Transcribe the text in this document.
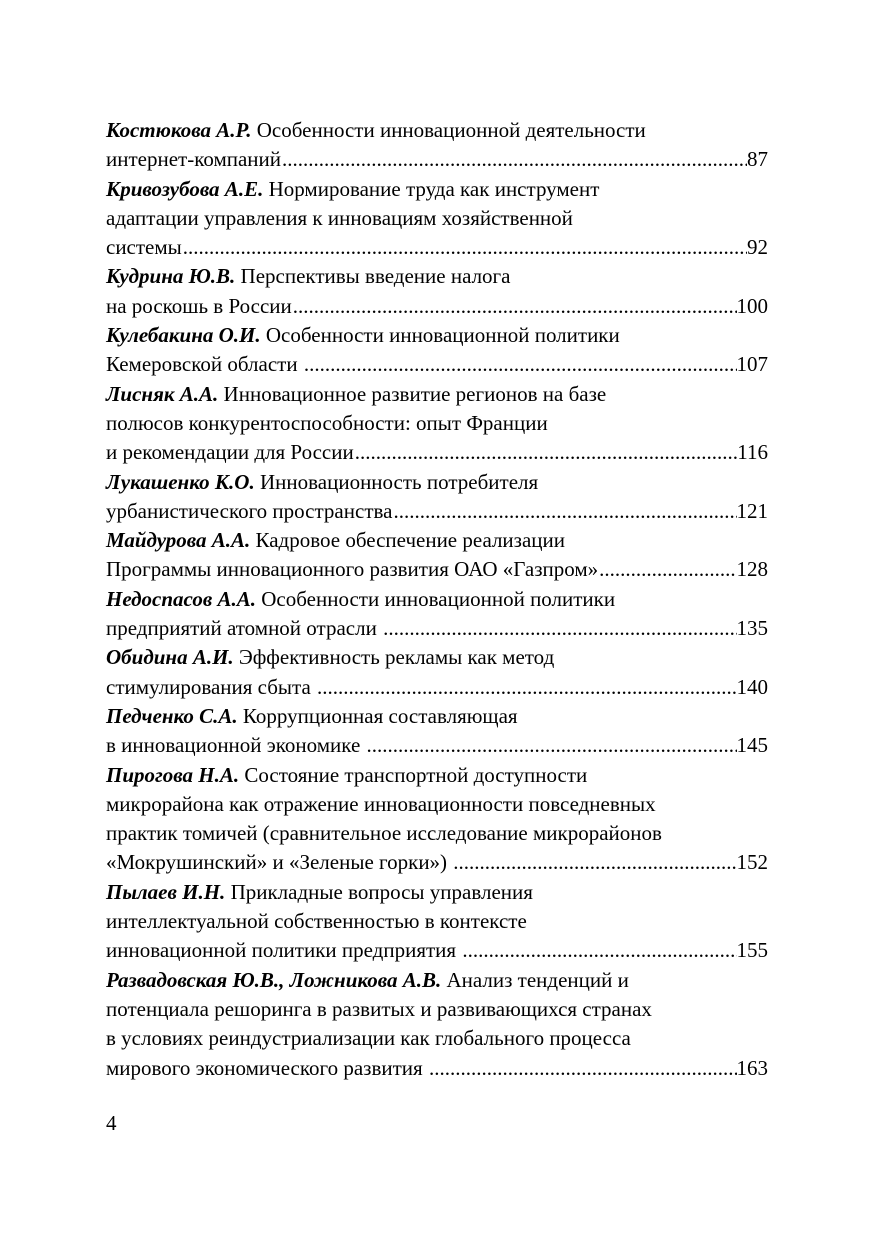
Костюкова А.Р. Особенности инновационной деятельности
интернет-компаний .....	87
Кривозубова А.Е. Нормирование труда как инструмент
адаптации управления к инновациям хозяйственной
системы .....	92
Кудрина Ю.В. Перспективы введение налога
на роскошь в России .....	100
Кулебакина О.И. Особенности инновационной политики
Кемеровской области .....	107
Лисняк А.А. Инновационное развитие регионов на базе
полюсов конкурентоспособности: опыт Франции
и рекомендации для России .....	116
Лукашенко К.О. Инновационность потребителя
урбанистического пространства .....	121
Майдурова А.А. Кадровое обеспечение реализации
Программы инновационного развития ОАО «Газпром» .....	128
Недоспасов А.А. Особенности инновационной политики
предприятий атомной отрасли .....	135
Обидина А.И. Эффективность рекламы как метод
стимулирования сбыта .....	140
Педченко С.А. Коррупционная составляющая
в инновационной экономике .....	145
Пирогова Н.А. Состояние транспортной доступности
микрорайона как отражение инновационности повседневных
практик томичей (сравнительное исследование микрорайонов
«Мокрушинский» и «Зеленые горки») .....	152
Пылаев И.Н. Прикладные вопросы управления
интеллектуальной собственностью в контексте
инновационной политики предприятия .....	155
Развадовская Ю.В., Ложникова А.В. Анализ тенденций и
потенциала решоринга в развитых и развивающихся странах
в условиях реиндустриализации как глобального процесса
мирового экономического развития .....	163
4
